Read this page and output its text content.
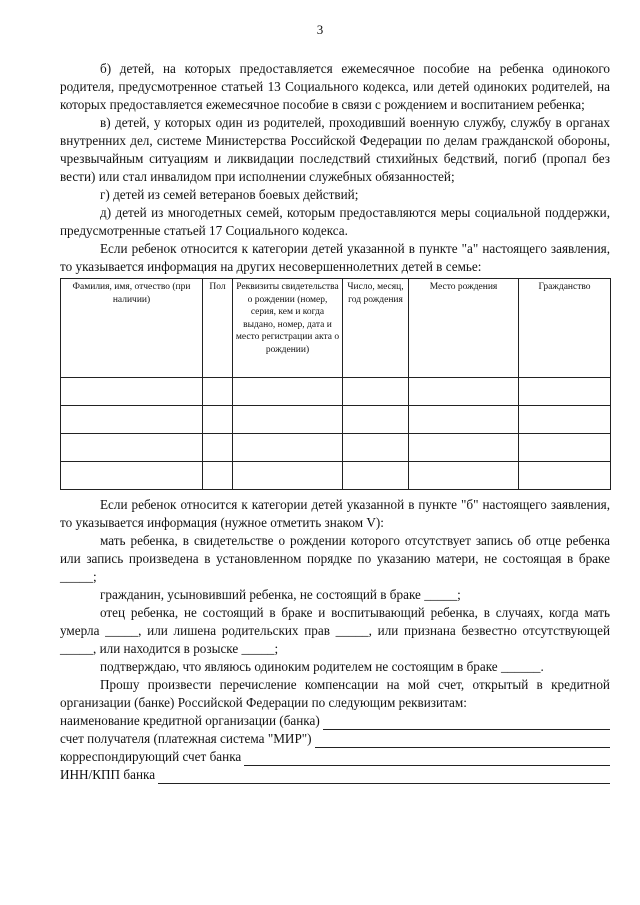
3

б) детей, на которых предоставляется ежемесячное пособие на ребенка одинокого родителя, предусмотренное статьей 13 Социального кодекса, или детей одиноких родителей, на которых предоставляется ежемесячное пособие в связи с рождением и воспитанием ребенка;

в) детей, у которых один из родителей, проходивший военную службу, службу в органах внутренних дел, системе Министерства Российской Федерации по делам гражданской обороны, чрезвычайным ситуациям и ликвидации последствий стихийных бедствий, погиб (пропал без вести) или стал инвалидом при исполнении служебных обязанностей;

г) детей из семей ветеранов боевых действий;

д) детей из многодетных семей, которым предоставляются меры социальной поддержки, предусмотренные статьей 17 Социального кодекса.

Если ребенок относится к категории детей указанной в пункте "а" настоящего заявления, то указывается информация на других несовершеннолетних детей в семье:

Фамилия, имя, отчество (при наличии)	Пол	Реквизиты свидетельства о рождении (номер, серия, кем и когда выдано, номер, дата и место регистрации акта о рождении)	Число, месяц, год рождения	Место рождения	Гражданство

Если ребенок относится к категории детей указанной в пункте "б" настоящего заявления, то указывается информация (нужное отметить знаком V):

мать ребенка, в свидетельстве о рождении которого отсутствует запись об отце ребенка или запись произведена в установленном порядке по указанию матери, не состоящая в браке _____;

гражданин, усыновивший ребенка, не состоящий в браке _____;

отец ребенка, не состоящий в браке и воспитывающий ребенка, в случаях, когда мать умерла _____, или лишена родительских прав _____, или признана безвестно отсутствующей _____, или находится в розыске _____;

подтверждаю, что являюсь одиноким родителем не состоящим в браке ______.

Прошу произвести перечисление компенсации на мой счет, открытый в кредитной организации (банке) Российской Федерации по следующим реквизитам:

наименование кредитной организации (банка)
счет получателя (платежная система "МИР")
корреспондирующий счет банка
ИНН/КПП банка
